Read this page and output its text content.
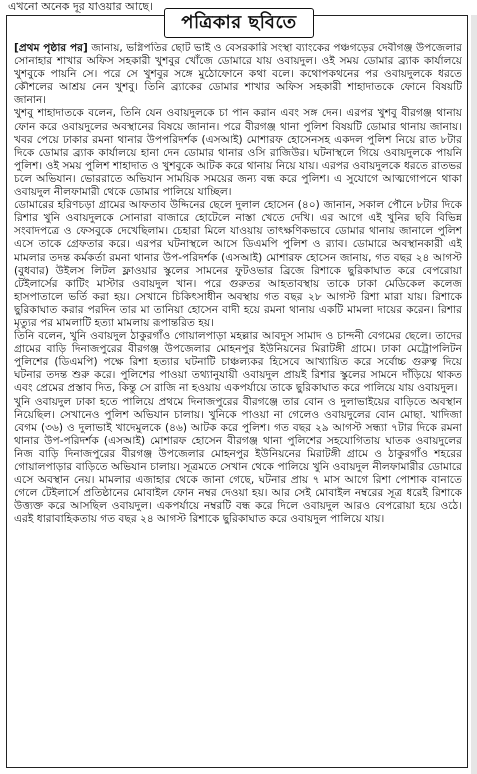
এখনো অনেক দূর যাওয়ার আছে।
পত্রিকার ছবিতে

[প্রথম পৃষ্ঠার পর] জানায়, ভগ্নিপতির ছোট ভাই ও বেসরকারি সংস্থা ব্যাংকের পঞ্চগড়ের দেবীগঞ্জ উপজেলার সোনাহার শাখার অফিস সহকারী খুশবুর খোঁজে ডোমারে যায় ওবায়দুল। ওই সময় ডোমার ব্র্যাক কার্যালয়ে খুশবুকে পায়নি সে। পরে সে খুশবুর সঙ্গে মুঠোফোনে কথা বলে। কথোপকথনের পর ওবায়দুলকে ধরতে কৌশলের আশ্রয় নেন খুশবু। তিনি ব্র্যাকের ডোমার শাখার অফিস সহকারী শাহাদাতকে ফোনে বিষয়টি জানান।

খুশবু শাহাদাতকে বলেন, তিনি যেন ওবায়দুলকে চা পান করান এবং সঙ্গ দেন। এরপর খুশবু বীরগঞ্জ থানায় ফোন করে ওবায়দুলের অবস্থানের বিষয়ে জানান। পরে বীরগঞ্জ থানা পুলিশ বিষয়টি ডোমার থানায় জানায়। খবর পেয়ে ঢাকার রমনা থানার উপপরিদর্শক (এসআই) মোশারফ হোসেনসহ একদল পুলিশ নিয়ে রাত ৮টার দিকে ডোমার ব্র্যাক কার্যালয়ে হানা দেন ডোমার থানার ওসি রাজিউর। ঘটনাস্থলে গিয়ে ওবায়দুলকে পায়নি পুলিশ। ওই সময় পুলিশ শাহাদাত ও খুশবুকে আটক করে থানায় নিয়ে যায়। এরপর ওবায়দুলকে ধরতে রাতভর চলে অভিযান। ভোররাতে অভিযান সাময়িক সময়ের জন্য বন্ধ করে পুলিশ। এ সুযোগে আত্মগোপনে থাকা ওবায়দুল নীলফামারী থেকে ডোমার পালিয়ে যাচ্ছিল।

ডোমারের হরিণচড়া গ্রামের আফতাব উদ্দিনের ছেলে দুলাল হোসেন (৪০) জানান, সকাল পৌনে ৮টার দিকে রিশার খুনি ওবায়দুলকে সোনারা বাজারে হোটেলে নাস্তা খেতে দেখি। এর আগে এই খুনির ছবি বিভিন্ন সংবাদপত্রে ও ফেসবুকে দেখেছিলাম। চেহারা মিলে যাওয়ায় তাৎক্ষণিকভাবে ডোমার থানায় জানালে পুলিশ এসে তাকে গ্রেফতার করে। এরপর ঘটনাস্থলে আসে ডিএমপি পুলিশ ও র‍্যাব। ডোমারে অবস্থানকারী এই মামলার তদন্ত কর্মকর্তা রমনা থানার উপ-পরিদর্শক (এসআই) মোশারফ হোসেন জানায়, গত বছর ২৪ আগস্ট (বুধবার) উইলস লিটল ফ্লাওয়ার স্কুলের সামনের ফুটওভার ব্রিজে রিশাকে ছুরিকাঘাত করে বেপরোয়া টেইলার্সের কাটিং মাস্টার ওবায়দুল খান। পরে গুরুতর আহতাবস্থায় তাকে ঢাকা মেডিকেল কলেজ হাসপাতালে ভর্তি করা হয়। সেখানে চিকিৎসাধীন অবস্থায় গত বছর ২৮ আগস্ট রিশা মারা যায়। রিশাকে ছুরিকাঘাত করার পরদিন তার মা তানিয়া হোসেন বাদী হয়ে রমনা থানায় একটি মামলা দায়ের করেন। রিশার মৃত্যুর পর মামলাটি হত্যা মামলায় রূপান্তরিত হয়।

তিনি বলেন, খুনি ওবায়দুল ঠাকুরগাঁও গোয়ালপাড়া মহল্লার আবদুস সামাদ ও চান্দনী বেগমের ছেলে। তাদের গ্রামের বাড়ি দিনাজপুরের বীরগঞ্জ উপজেলার মোহনপুর ইউনিয়নের মিরাটঙ্গী গ্রামে। ঢাকা মেট্রোপলিটন পুলিশের (ডিএমপি) পক্ষে রিশা হত্যার ঘটনাটি চাঞ্চল্যকর হিসেবে আখ্যায়িত করে সর্বোচ্চ গুরুত্ব দিয়ে ঘটনার তদন্ত শুরু করে। পুলিশের পাওয়া তথ্যানুযায়ী ওবায়দুল প্রায়ই রিশার স্কুলের সামনে দাঁড়িয়ে থাকত এবং প্রেমের প্রস্তাব দিত, কিন্তু সে রাজি না হওয়ায় একপর্যায়ে তাকে ছুরিকাঘাত করে পালিয়ে যায় ওবায়দুল।

খুনি ওবায়দুল ঢাকা হতে পালিয়ে প্রথমে দিনাজপুরের বীরগঞ্জে তার বোন ও দুলাভাইয়ের বাড়িতে অবস্থান নিয়েছিল। সেখানেও পুলিশ অভিযান চালায়। খুনিকে পাওয়া না গেলেও ওবায়দুলের বোন মোছা. খাদিজা বেগম (৩৬) ও দুলাভাই খাদেমুলকে (৪৬) আটক করে পুলিশ। গত বছর ২৯ আগস্ট সন্ধ্যা ৭টার দিকে রমনা থানার উপ-পরিদর্শক (এসআই) মোশারফ হোসেন বীরগঞ্জ থানা পুলিশের সহযোগিতায় ঘাতক ওবায়দুলের নিজ বাড়ি দিনাজপুরের বীরগঞ্জ উপজেলার মোহনপুর ইউনিয়নের মিরাটঙ্গী গ্রামে ও ঠাকুরগাঁও শহরের গোয়ালপাড়ার বাড়িতে অভিযান চালায়। সূত্রমতে সেখান থেকে পালিয়ে খুনি ওবায়দুল নীলফামারীর ডোমারে এসে অবস্থান নেয়। মামলার এজাহার থেকে জানা গেছে, ঘটনার প্রায় ৭ মাস আগে রিশা পোশাক বানাতে গেলে টেইলার্সে প্রতিষ্ঠানের মোবাইল ফোন নম্বর দেওয়া হয়। আর সেই মোবাইল নম্বরের সূত্র ধরেই রিশাকে উত্ত্যক্ত করে আসছিল ওবায়দুল। একপর্যায়ে নম্বরটি বন্ধ করে দিলে ওবায়দুল আরও বেপরোয়া হয়ে ওঠে। এরই ধারাবাহিকতায় গত বছর ২৪ আগস্ট রিশাকে ছুরিকাঘাত করে ওবায়দুল পালিয়ে যায়।
